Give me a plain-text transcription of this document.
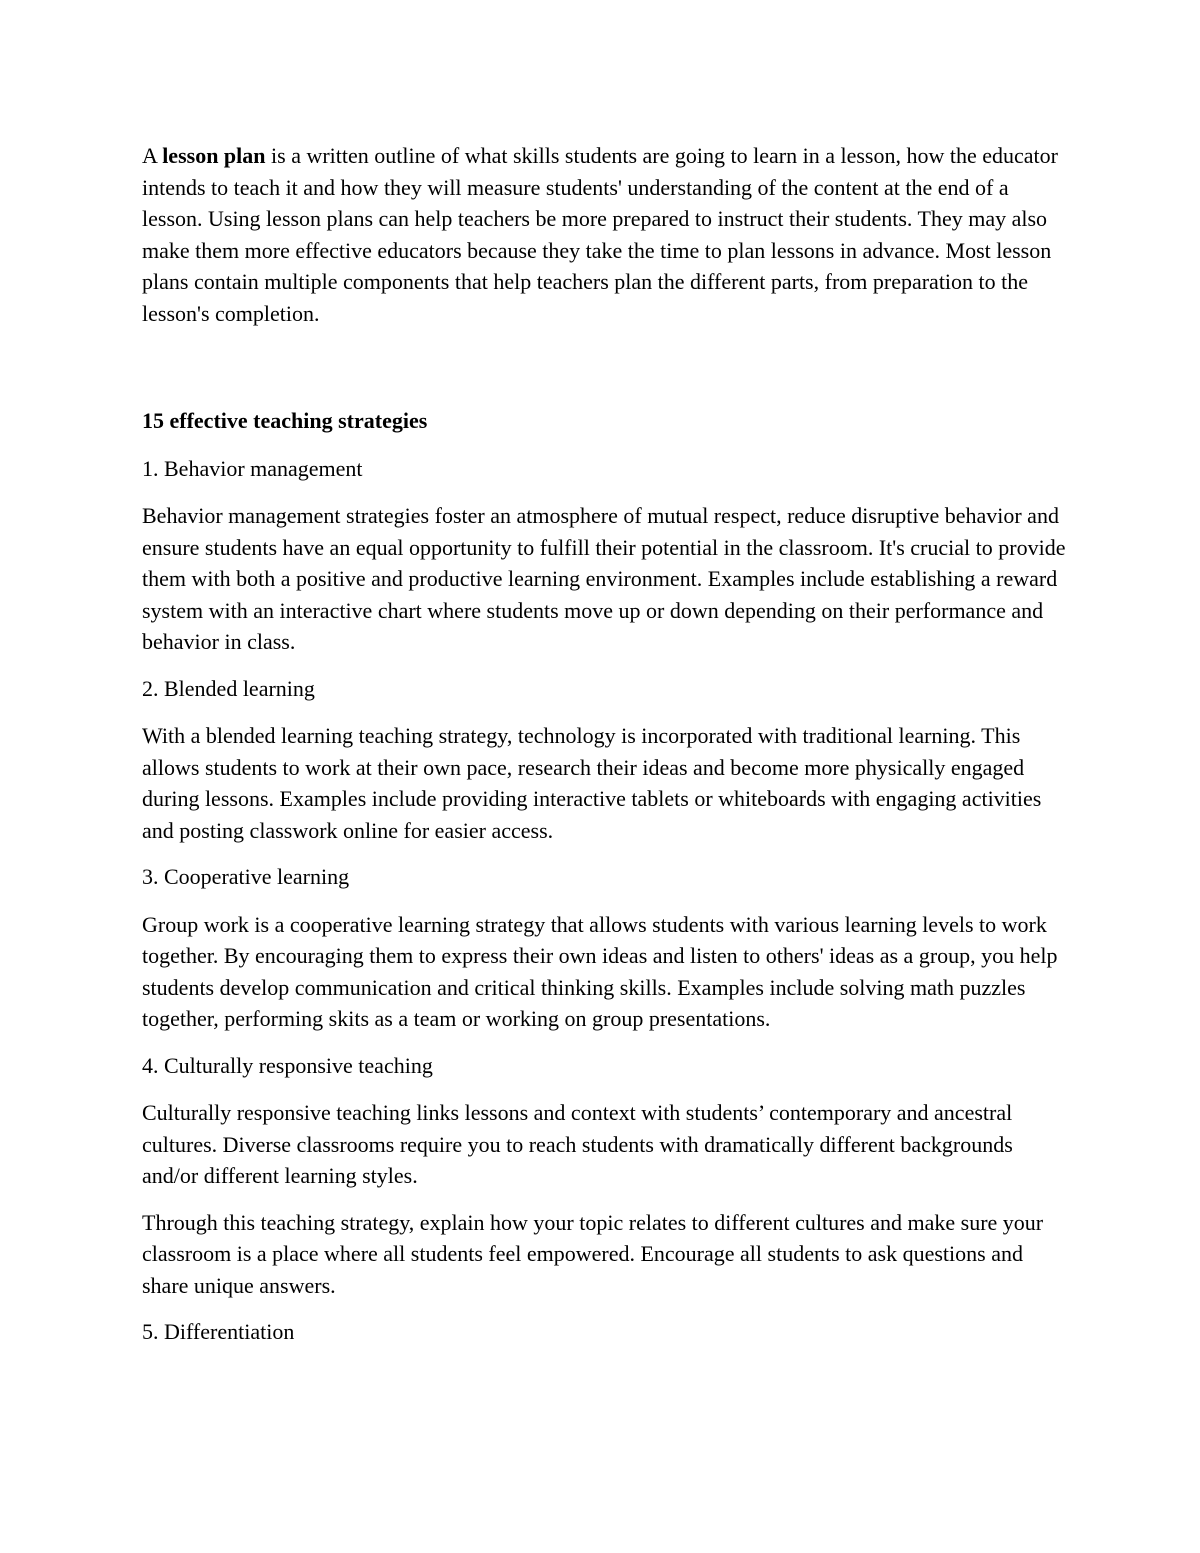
A lesson plan is a written outline of what skills students are going to learn in a lesson, how the educator intends to teach it and how they will measure students' understanding of the content at the end of a lesson. Using lesson plans can help teachers be more prepared to instruct their students. They may also make them more effective educators because they take the time to plan lessons in advance. Most lesson plans contain multiple components that help teachers plan the different parts, from preparation to the lesson's completion.

15 effective teaching strategies

1. Behavior management

Behavior management strategies foster an atmosphere of mutual respect, reduce disruptive behavior and ensure students have an equal opportunity to fulfill their potential in the classroom. It's crucial to provide them with both a positive and productive learning environment. Examples include establishing a reward system with an interactive chart where students move up or down depending on their performance and behavior in class.

2. Blended learning

With a blended learning teaching strategy, technology is incorporated with traditional learning. This allows students to work at their own pace, research their ideas and become more physically engaged during lessons. Examples include providing interactive tablets or whiteboards with engaging activities and posting classwork online for easier access.

3. Cooperative learning

Group work is a cooperative learning strategy that allows students with various learning levels to work together. By encouraging them to express their own ideas and listen to others' ideas as a group, you help students develop communication and critical thinking skills. Examples include solving math puzzles together, performing skits as a team or working on group presentations.

4. Culturally responsive teaching

Culturally responsive teaching links lessons and context with students’ contemporary and ancestral cultures. Diverse classrooms require you to reach students with dramatically different backgrounds and/or different learning styles.

Through this teaching strategy, explain how your topic relates to different cultures and make sure your classroom is a place where all students feel empowered. Encourage all students to ask questions and share unique answers.

5. Differentiation
